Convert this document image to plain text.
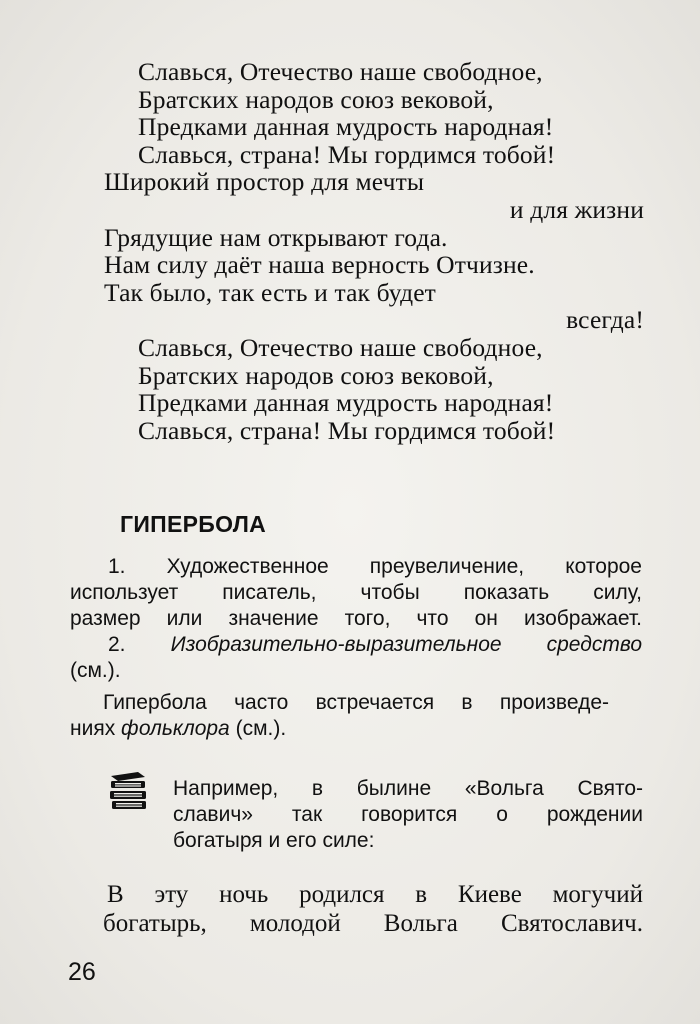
Славься, Отечество наше свободное,
Братских народов союз вековой,
Предками данная мудрость народная!
Славься, страна! Мы гордимся тобой!
Широкий простор для мечты
и для жизни
Грядущие нам открывают года.
Нам силу даёт наша верность Отчизне.
Так было, так есть и так будет
всегда!
Славься, Отечество наше свободное,
Братских народов союз вековой,
Предками данная мудрость народная!
Славься, страна! Мы гордимся тобой!
ГИПЕРБОЛА
1. Художественное преувеличение, которое
использует писатель, чтобы показать силу,
размер или значение того, что он изображает.
2. Изобразительно-выразительное средство
(см.).
Гипербола часто встречается в произведе-
ниях фольклора (см.).
Например, в былине «Вольга Свято-
славич» так говорится о рождении
богатыря и его силе:
В эту ночь родился в Киеве могучий
богатырь, молодой Вольга Святославич.
26
